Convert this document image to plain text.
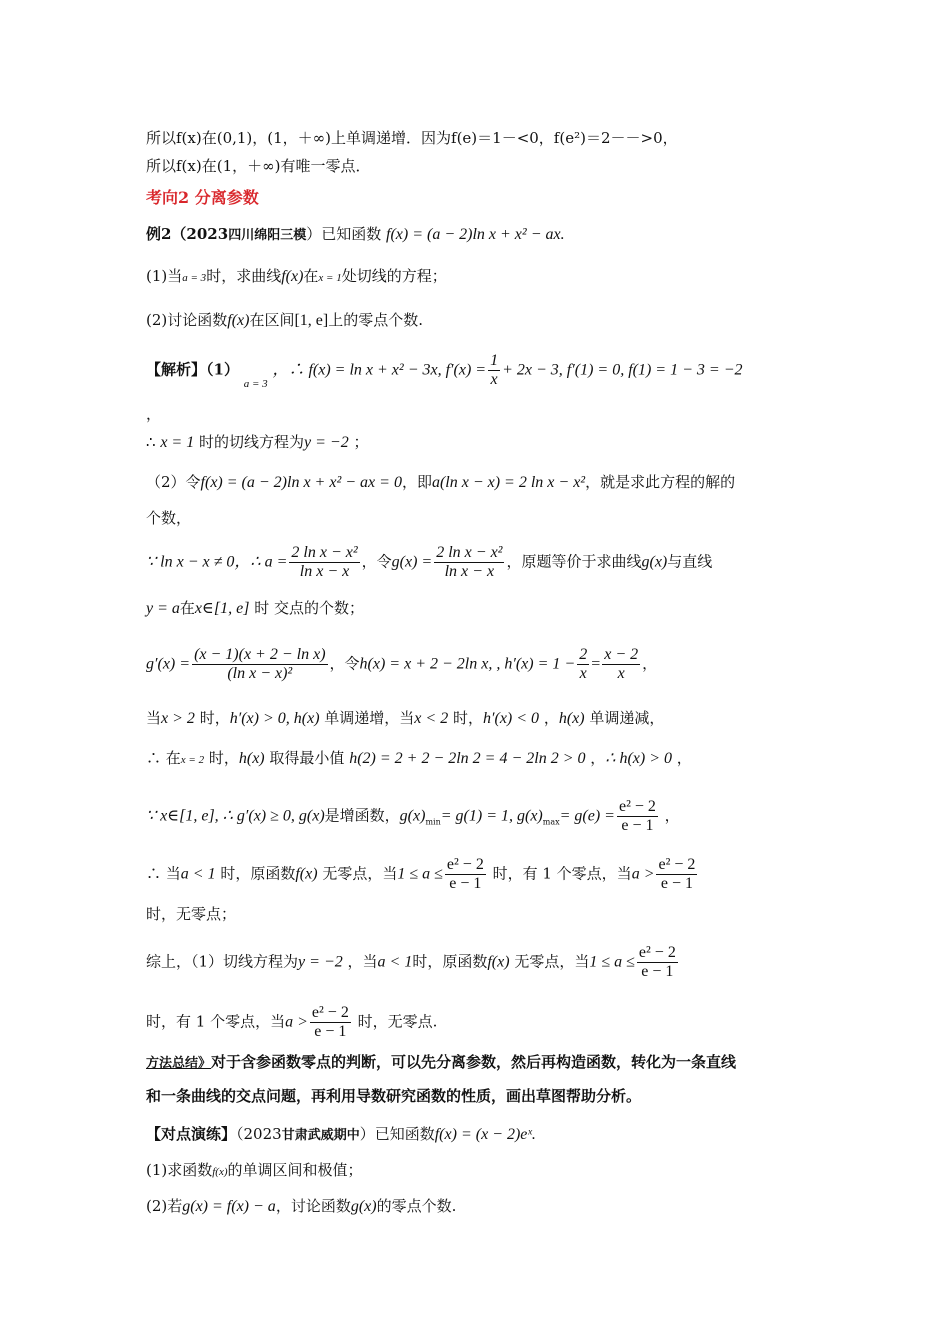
所以f(x)在(0,1)，(1，＋∞)上单调递增．因为f(e)＝1－<0，f(e²)＝2－－>0，
所以f(x)在(1，＋∞)有唯一零点．
考向2 分离参数
例2（2023四川绵阳三模）已知函数 f(x) = (a − 2)ln x + x² − ax.
(1)当a = 3时，求曲线f(x)在x = 1处切线的方程；
(2)讨论函数f(x)在区间[1, e]上的零点个数.
【解析】（1） $_{a = 3}$ ，∴ f(x) = ln x + x² − 3x, $f'(x) = \frac{1}{x} + 2x - 3$, f′(1) = 0, f(1) = 1 − 3 = −2
，
∴ x = 1 时的切线方程为y = −2 ；
（2）令f(x) = (a − 2)ln x + x² − ax = 0，即a(ln x − x) = 2 ln x − x²，就是求此方程的解的
个数，
∵ ln x − x ≠ 0，∴ $a = \frac{\text{2 ln x − x²}}{\text{ln x − x}}$ ，令$g(x) = \frac{\text{2 ln x − x²}}{\text{ln x − x}}$ ，原题等价于求曲线g(x)与直线
y = a在x∈[1, e] 时 交点的个数；
$g'(x) = \frac{\text{(x − 1)(x + 2 − ln x)}}{\text{(ln x − x)²}}$ ，令h(x) = x + 2 − 2ln x, , $h'(x) = 1 - \frac{2}{x} = \frac{x - 2}{x}$ ，
当x > 2 时，h′(x) > 0, h(x) 单调递增，当x < 2 时，h′(x) < 0 ，h(x) 单调递减，
∴ 在x = 2 时，h(x) 取得最小值 h(2) = 2 + 2 − 2ln 2 = 4 − 2ln 2 > 0 ，∴ h(x) > 0 ，
∵ x∈[1, e], ∴ g′(x) ≥ 0, g(x)是增函数，$g(x)_{min}= g(1) = 1$, $g(x)_{max}= g(e) = \frac{\text{e² − 2}}{e - 1}$ ，
∴ 当a < 1 时，原函数f(x) 无零点，当$1 \le a \le \frac{\text{e² − 2}}{e - 1}$ 时，有 1 个零点，当$a > \frac{\text{e² − 2}}{e - 1}$
时，无零点；
综上，（1）切线方程为y = −2 ，当a < 1时，原函数f(x) 无零点，当$1 \le a \le \frac{\text{e² − 2}}{e - 1}$
时，有 1 个零点，当$a > \frac{\text{e² − 2}}{e - 1}$ 时，无零点.
方法总结》对于含参函数零点的判断，可以先分离参数，然后再构造函数，转化为一条直线
和一条曲线的交点问题，再利用导数研究函数的性质，画出草图帮助分析。
【对点演练】（2023甘肃武威期中）已知函数f(x) = (x − 2)eˣ.
(1)求函数f(x)的单调区间和极值；
(2)若g(x) = f(x) − a，讨论函数g(x)的零点个数.
